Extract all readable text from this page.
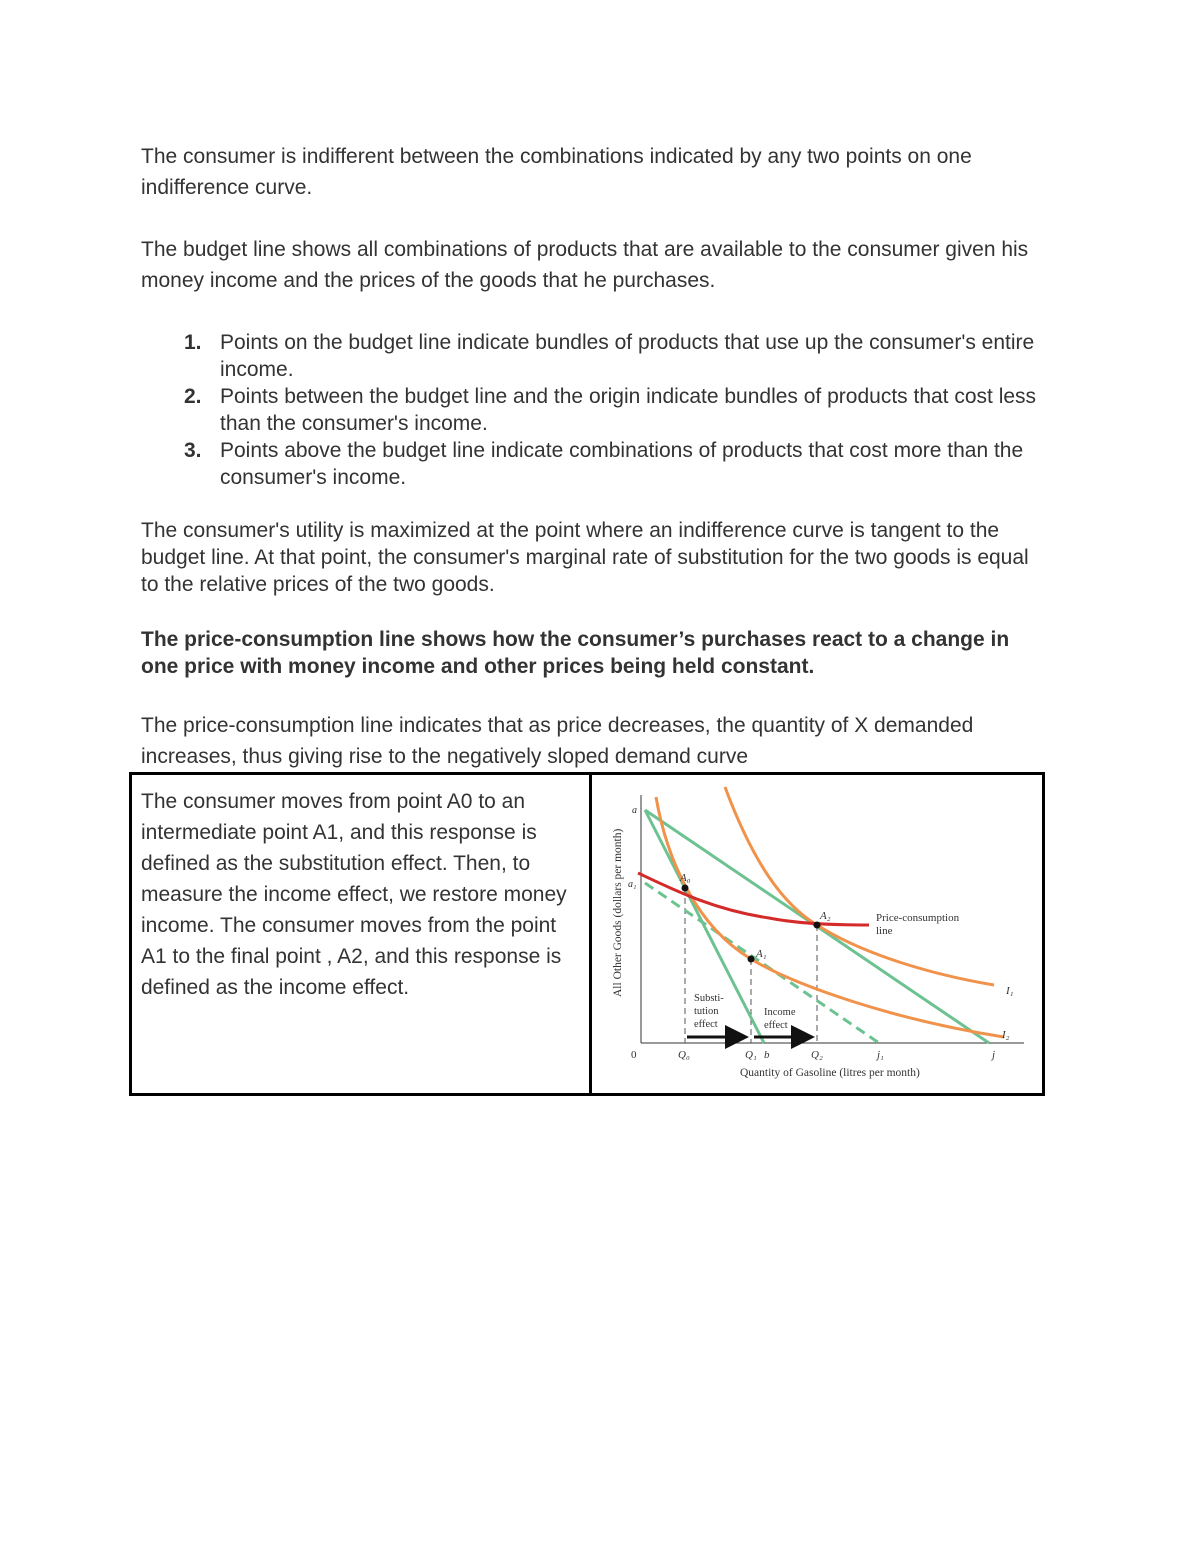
The consumer is indifferent between the combinations indicated by any two points on one indifference curve.

The budget line shows all combinations of products that are available to the consumer given his money income and the prices of the goods that he purchases.

1. Points on the budget line indicate bundles of products that use up the consumer's entire income.
2. Points between the budget line and the origin indicate bundles of products that cost less than the consumer's income.
3. Points above the budget line indicate combinations of products that cost more than the consumer's income.

The consumer's utility is maximized at the point where an indifference curve is tangent to the budget line. At that point, the consumer's marginal rate of substitution for the two goods is equal to the relative prices of the two goods.

The price-consumption line shows how the consumer’s purchases react to a change in one price with money income and other prices being held constant.

The price-consumption line indicates that as price decreases, the quantity of X demanded increases, thus giving rise to the negatively sloped demand curve

The consumer moves from point A0 to an intermediate point A1, and this response is defined as the substitution effect. Then, to measure the income effect, we restore money income. The consumer moves from the point A1 to the final point , A2, and this response is defined as the income effect.

A₀
A₁
A₂	Price-consumption
line
I₁
I₂
Substi-
tution
effect
Income
effect
a
a₁
0	Q₀	Q₁ b	Q₂	j₁	j
Quantity of Gasoline (litres per month)
All Other Goods (dollars per month)
